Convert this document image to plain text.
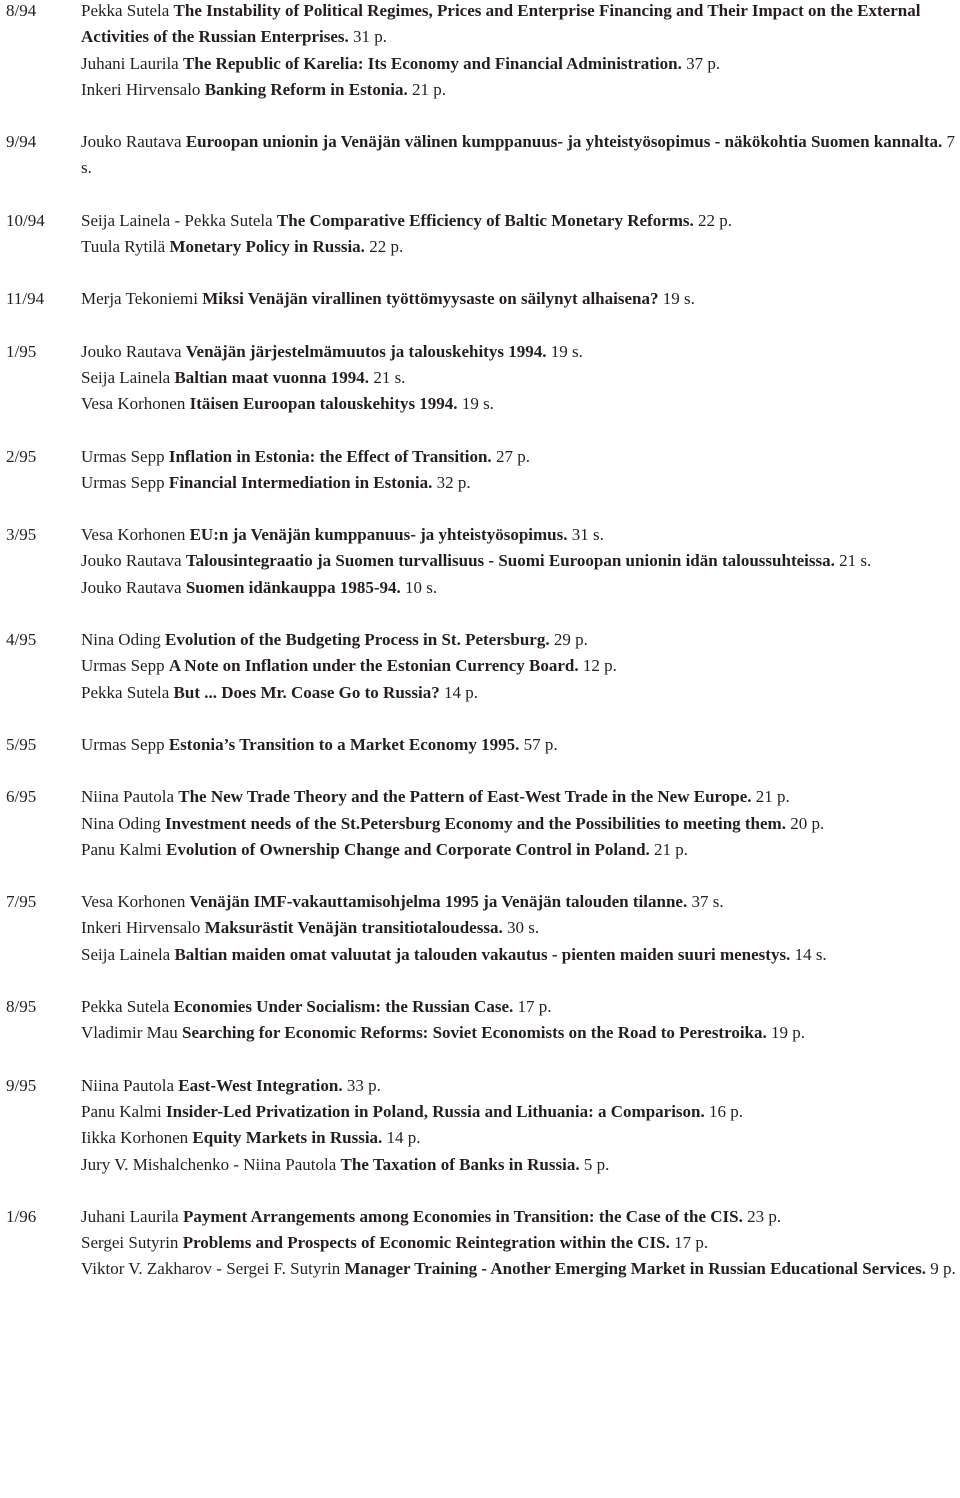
8/94	Pekka Sutela The Instability of Political Regimes, Prices and Enterprise Financing and Their Impact on the External Activities of the Russian Enterprises. 31 p.
Juhani Laurila The Republic of Karelia: Its Economy and Financial Administration. 37 p.
Inkeri Hirvensalo Banking Reform in Estonia. 21 p.
9/94	Jouko Rautava Euroopan unionin ja Venäjän välinen kumppanuus- ja yhteistyösopimus - näkökohtia Suomen kannalta. 7 s.
10/94 Seija Lainela - Pekka Sutela The Comparative Efficiency of Baltic Monetary Reforms. 22 p.
Tuula Rytilä Monetary Policy in Russia. 22 p.
11/94 Merja Tekoniemi Miksi Venäjän virallinen työttömyysaste on säilynyt alhaisena? 19 s.
1/95	Jouko Rautava Venäjän järjestelmämuutos ja talouskehitys 1994. 19 s.
Seija Lainela Baltian maat vuonna 1994. 21 s.
Vesa Korhonen Itäisen Euroopan talouskehitys 1994. 19 s.
2/95	Urmas Sepp Inflation in Estonia: the Effect of Transition. 27 p.
Urmas Sepp Financial Intermediation in Estonia. 32 p.
3/95	Vesa Korhonen EU:n ja Venäjän kumppanuus- ja yhteistyösopimus. 31 s.
Jouko Rautava Talousintegraatio ja Suomen turvallisuus - Suomi Euroopan unionin idän taloussuhteissa. 21 s.
Jouko Rautava Suomen idänkauppa 1985-94. 10 s.
4/95	Nina Oding Evolution of the Budgeting Process in St. Petersburg. 29 p.
Urmas Sepp A Note on Inflation under the Estonian Currency Board. 12 p.
Pekka Sutela But ... Does Mr. Coase Go to Russia? 14 p.
5/95	Urmas Sepp Estonia’s Transition to a Market Economy 1995. 57 p.
6/95	Niina Pautola The New Trade Theory and the Pattern of East-West Trade in the New Europe. 21 p.
Nina Oding Investment needs of the St.Petersburg Economy and the Possibilities to meeting them. 20 p.
Panu Kalmi Evolution of Ownership Change and Corporate Control in Poland. 21 p.
7/95	Vesa Korhonen Venäjän IMF-vakauttamisohjelma 1995 ja Venäjän talouden tilanne. 37 s.
Inkeri Hirvensalo Maksurästit Venäjän transitiotaloudessa. 30 s.
Seija Lainela Baltian maiden omat valuutat ja talouden vakautus - pienten maiden suuri menestys. 14 s.
8/95	Pekka Sutela Economies Under Socialism: the Russian Case. 17 p.
Vladimir Mau Searching for Economic Reforms: Soviet Economists on the Road to Perestroika. 19 p.
9/95	Niina Pautola East-West Integration. 33 p.
Panu Kalmi Insider-Led Privatization in Poland, Russia and Lithuania: a Comparison. 16 p.
Iikka Korhonen Equity Markets in Russia. 14 p.
Jury V. Mishalchenko - Niina Pautola The Taxation of Banks in Russia. 5 p.
1/96	Juhani Laurila Payment Arrangements among Economies in Transition: the Case of the CIS. 23 p.
Sergei Sutyrin Problems and Prospects of Economic Reintegration within the CIS. 17 p.
Viktor V. Zakharov - Sergei F. Sutyrin Manager Training - Another Emerging Market in Russian Educational Services. 9 p.
